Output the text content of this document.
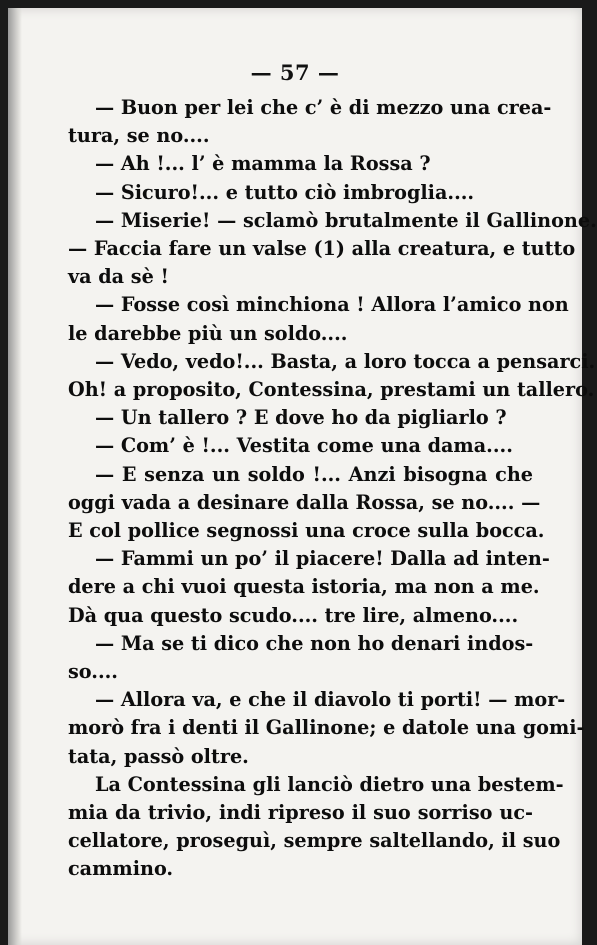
— 57 —
— Buon per lei che c’ è di mezzo una crea-
tura, se no....
— Ah !... l’ è mamma la Rossa ?
— Sicuro!... e tutto ciò imbroglia....
— Miserie! — sclamò brutalmente il Gallinone.
— Faccia fare un valse (1) alla creatura, e tutto
va da sè !
— Fosse così minchiona ! Allora l’amico non
le darebbe più un soldo....
— Vedo, vedo!... Basta, a loro tocca a pensarci.
Oh! a proposito, Contessina, prestami un tallero.
— Un tallero ? E dove ho da pigliarlo ?
— Com’ è !... Vestita come una dama....
— E senza un soldo !... Anzi bisogna che
oggi vada a desinare dalla Rossa, se no.... —
E col pollice segnossi una croce sulla bocca.
— Fammi un po’ il piacere! Dalla ad inten-
dere a chi vuoi questa istoria, ma non a me.
Dà qua questo scudo.... tre lire, almeno....
— Ma se ti dico che non ho denari indos-
so....
— Allora va, e che il diavolo ti porti! — mor-
morò fra i denti il Gallinone; e datole una gomi-
tata, passò oltre.
La Contessina gli lanciò dietro una bestem-
mia da trivio, indi ripreso il suo sorriso uc-
cellatore, proseguì, sempre saltellando, il suo
cammino.
